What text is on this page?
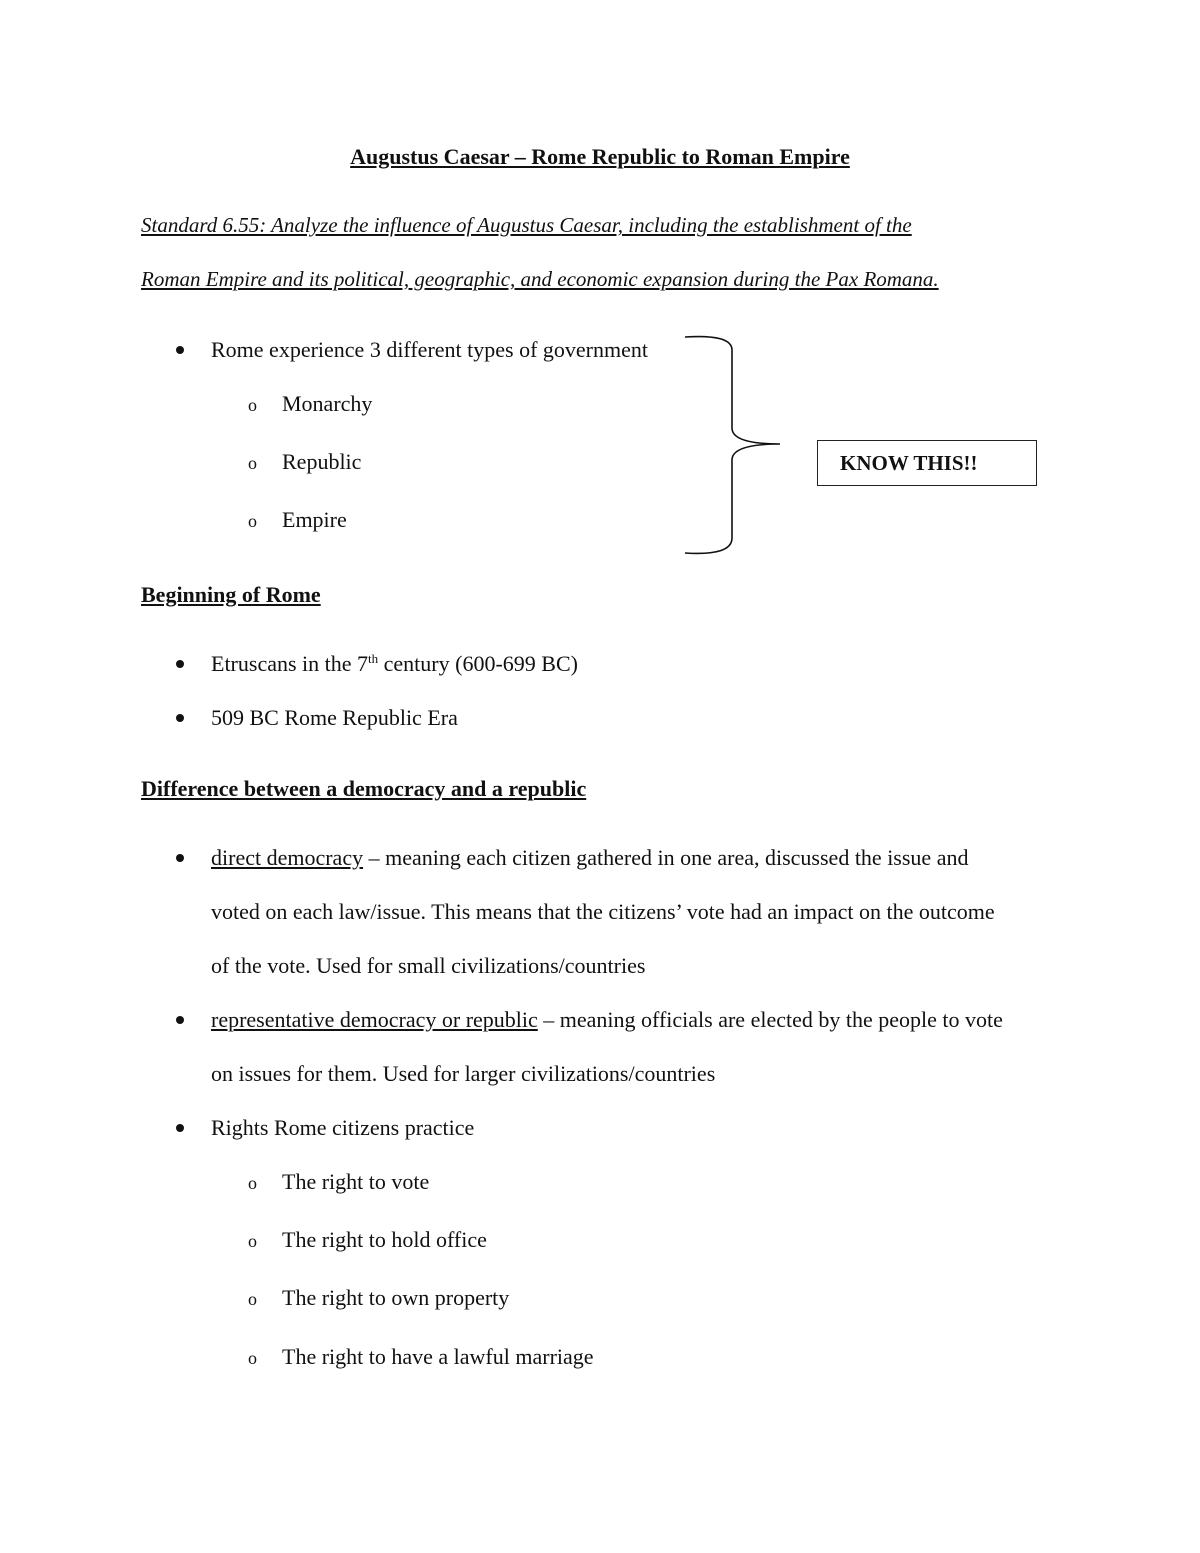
Augustus Caesar – Rome Republic to Roman Empire
Standard 6.55: Analyze the influence of Augustus Caesar, including the establishment of the
Roman Empire and its political, geographic, and economic expansion during the Pax Romana.
Rome experience 3 different types of government
o Monarchy
o Republic
o Empire
KNOW THIS!!
Beginning of Rome
Etruscans in the 7th century (600-699 BC)
509 BC Rome Republic Era
Difference between a democracy and a republic
direct democracy – meaning each citizen gathered in one area, discussed the issue and
voted on each law/issue. This means that the citizens’ vote had an impact on the outcome
of the vote. Used for small civilizations/countries
representative democracy or republic – meaning officials are elected by the people to vote
on issues for them. Used for larger civilizations/countries
Rights Rome citizens practice
o The right to vote
o The right to hold office
o The right to own property
o The right to have a lawful marriage
